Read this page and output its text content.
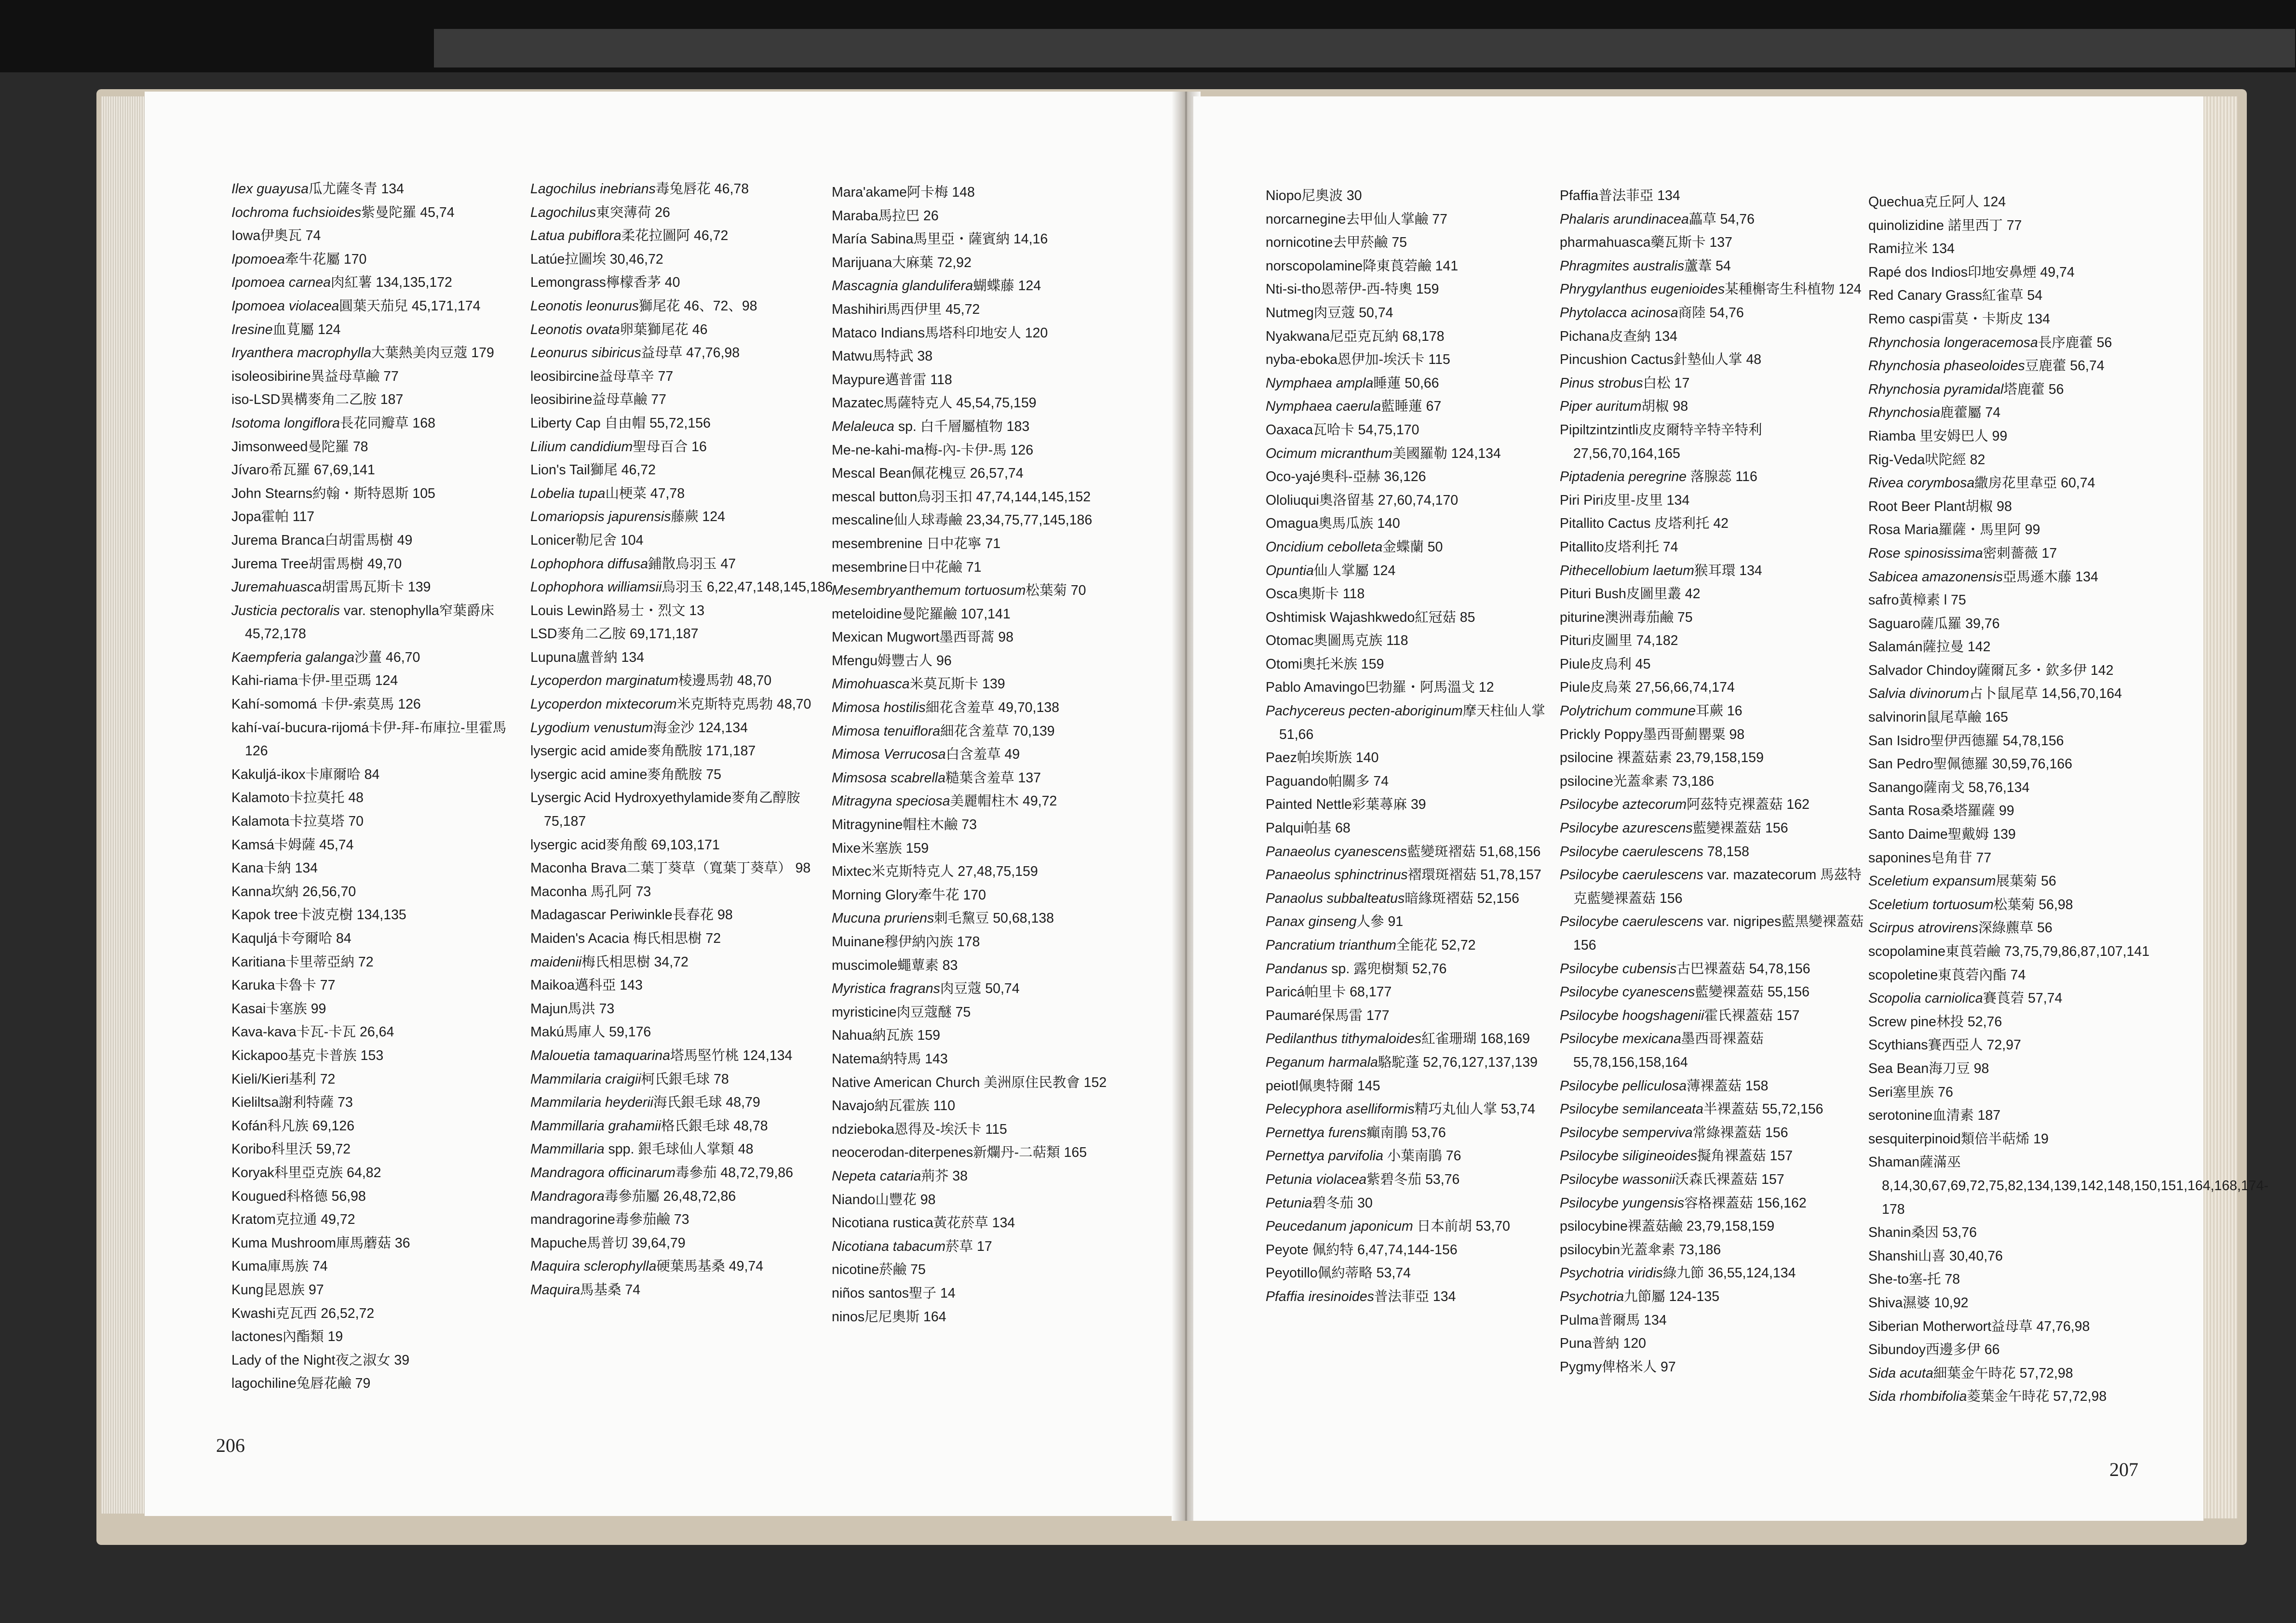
Ilex guayusa瓜尤薩冬青 134
Iochroma fuchsioides紫曼陀羅 45,74
Iowa伊奧瓦 74
Ipomoea牽牛花屬 170
Ipomoea carnea肉紅薯 134,135,172
Ipomoea violacea圓葉天茄兒 45,171,174
Iresine血莧屬 124
Iryanthera macrophylla大葉熱美肉豆蔻 179
isoleosibirine異益母草鹼 77
iso-LSD異構麥角二乙胺 187
Isotoma longiflora長花同瓣草 168
Jimsonweed曼陀羅 78
Jívaro希瓦羅 67,69,141
John Stearns約翰・斯特恩斯 105
Jopa霍帕 117
Jurema Branca白胡雷馬樹 49
Jurema Tree胡雷馬樹 49,70
Juremahuasca胡雷馬瓦斯卡 139
Justicia pectoralis var. stenophylla窄葉爵床 45,72,178
Kaempferia galanga沙薑 46,70
Kahi-riama卡伊-里亞瑪 124
Kahí-somomá 卡伊-索莫馬 126
kahí-vaí-bucura-rijomá卡伊-拜-布庫拉-里霍馬 126
Kakuljá-ikox卡庫爾哈 84
Kalamoto卡拉莫托 48
Kalamota卡拉莫塔 70
Kamsá卡姆薩 45,74
Kana卡納 134
Kanna坎納 26,56,70
Kapok tree卡波克樹 134,135
Kaquljá卡夸爾哈 84
Karitiana卡里蒂亞納 72
Karuka卡魯卡 77
Kasai卡塞族 99
Kava-kava卡瓦-卡瓦 26,64
Kickapoo基克卡普族 153
Kieli/Kieri基利 72
Kieliltsa謝利特薩 73
Kofán科凡族 69,126
Koribo科里沃 59,72
Koryak科里亞克族 64,82
Kougued科格德 56,98
Kratom克拉通 49,72
Kuma Mushroom庫馬蘑菇 36
Kuma庫馬族 74
Kung昆恩族 97
Kwashi克瓦西 26,52,72
lactones內酯類 19
Lady of the Night夜之淑女 39
lagochiline兔唇花鹼 79
Lagochilus inebrians毒兔唇花 46,78
Lagochilus東突薄荷 26
Latua pubiflora柔花拉圖阿 46,72
Latúe拉圖埃 30,46,72
Lemongrass檸檬香茅 40
Leonotis leonurus獅尾花 46、72、98
Leonotis ovata卵葉獅尾花 46
Leonurus sibiricus益母草 47,76,98
leosibircine益母草辛 77
leosibirine益母草鹼 77
Liberty Cap 自由帽 55,72,156
Lilium candidium聖母百合 16
Lion's Tail獅尾 46,72
Lobelia tupa山梗菜 47,78
Lomariopsis japurensis藤蕨 124
Lonicer勒尼舍 104
Lophophora diffusa鋪散烏羽玉 47
Lophophora williamsii烏羽玉 6,22,47,148,145,186
Louis Lewin路易士・烈文 13
LSD麥角二乙胺 69,171,187
Lupuna盧普納 134
Lycoperdon marginatum棱邊馬勃 48,70
Lycoperdon mixtecorum米克斯特克馬勃 48,70
Lygodium venustum海金沙 124,134
lysergic acid amide麥角酰胺 171,187
lysergic acid amine麥角酰胺 75
Lysergic Acid Hydroxyethylamide麥角乙醇胺 75,187
lysergic acid麥角酸 69,103,171
Maconha Brava二葉丁葵草（寬葉丁葵草） 98
Maconha 馬孔阿 73
Madagascar Periwinkle長春花 98
Maiden's Acacia 梅氏相思樹 72
maidenii梅氏相思樹 34,72
Maikoa邁科亞 143
Majun馬洪 73
Makú馬庫人 59,176
Malouetia tamaquarina塔馬堅竹桃 124,134
Mammilaria craigii柯氏銀毛球 78
Mammilaria heyderii海氏銀毛球 48,79
Mammillaria grahamii格氏銀毛球 48,78
Mammillaria spp. 銀毛球仙人掌類 48
Mandragora officinarum毒參茄 48,72,79,86
Mandragora毒參茄屬 26,48,72,86
mandragorine毒參茄鹼 73
Mapuche馬普切 39,64,79
Maquira sclerophylla硬葉馬基桑 49,74
Maquira馬基桑 74
Mara'akame阿卡梅 148
Maraba馬拉巴 26
María Sabina馬里亞・薩賓納 14,16
Marijuana大麻葉 72,92
Mascagnia glandulifera蝴蝶藤 124
Mashihiri馬西伊里 45,72
Mataco Indians馬塔科印地安人 120
Matwu馬特武 38
Maypure邁普雷 118
Mazatec馬薩特克人 45,54,75,159
Melaleuca sp. 白千層屬植物 183
Me-ne-kahi-ma梅-內-卡伊-馬 126
Mescal Bean佩花槐豆 26,57,74
mescal button烏羽玉扣 47,74,144,145,152
mescaline仙人球毒鹼 23,34,75,77,145,186
mesembrenine 日中花寧 71
mesembrine日中花鹼 71
Mesembryanthemum tortuosum松葉菊 70
meteloidine曼陀羅鹼 107,141
Mexican Mugwort墨西哥蒿 98
Mfengu姆豐古人 96
Mimohuasca米莫瓦斯卡 139
Mimosa hostilis細花含羞草 49,70,138
Mimosa tenuiflora細花含羞草 70,139
Mimosa Verrucosa白含羞草 49
Mimsosa scabrella糙葉含羞草 137
Mitragyna speciosa美麗帽柱木 49,72
Mitragynine帽柱木鹼 73
Mixe米塞族 159
Mixtec米克斯特克人 27,48,75,159
Morning Glory牽牛花 170
Mucuna pruriens刺毛黧豆 50,68,138
Muinane穆伊納內族 178
muscimole蠅蕈素 83
Myristica fragrans肉豆蔻 50,74
myristicine肉豆蔻醚 75
Nahua納瓦族 159
Natema納特馬 143
Native American Church 美洲原住民教會 152
Navajo納瓦霍族 110
ndzieboka恩得及-埃沃卡 115
neocerodan-diterpenes新爛丹-二萜類 165
Nepeta cataria荊芥 38
Niando山豐花 98
Nicotiana rustica黃花菸草 134
Nicotiana tabacum菸草 17
nicotine菸鹼 75
niños santos聖子 14
ninos尼尼奧斯 164
206
Niopo尼奧波 30
norcarnegine去甲仙人掌鹼 77
nornicotine去甲菸鹼 75
norscopolamine降東莨菪鹼 141
Nti-si-tho恩蒂伊-西-特奧 159
Nutmeg肉豆蔻 50,74
Nyakwana尼亞克瓦納 68,178
nyba-eboka恩伊加-埃沃卡 115
Nymphaea ampla睡蓮 50,66
Nymphaea caerula藍睡蓮 67
Oaxaca瓦哈卡 54,75,170
Ocimum micranthum美國羅勒 124,134
Oco-yajé奧科-亞赫 36,126
Ololiuqui奧洛留基 27,60,74,170
Omagua奧馬瓜族 140
Oncidium cebolleta金蝶蘭 50
Opuntia仙人掌屬 124
Osca奧斯卡 118
Oshtimisk Wajashkwedo紅冠菇 85
Otomac奧圖馬克族 118
Otomi奧托米族 159
Pablo Amavingo巴勃羅・阿馬溫戈 12
Pachycereus pecten-aboriginum摩天柱仙人掌 51,66
Paez帕埃斯族 140
Paguando帕關多 74
Painted Nettle彩葉蕁麻 39
Palqui帕基 68
Panaeolus cyanescens藍變斑褶菇 51,68,156
Panaeolus sphinctrinus褶環斑褶菇 51,78,157
Panaolus subbalteatus暗緣斑褶菇 52,156
Panax ginseng人參 91
Pancratium trianthum全能花 52,72
Pandanus sp. 露兜樹類 52,76
Paricá帕里卡 68,177
Paumaré保馬雷 177
Pedilanthus tithymaloides紅雀珊瑚 168,169
Peganum harmala駱駝蓬 52,76,127,137,139
peiotl佩奧特爾 145
Pelecyphora aselliformis精巧丸仙人掌 53,74
Pernettya furens癲南鵑 53,76
Pernettya parvifolia 小葉南鵑 76
Petunia violacea紫碧冬茄 53,76
Petunia碧冬茄 30
Peucedanum japonicum 日本前胡 53,70
Peyote 佩約特 6,47,74,144-156
Peyotillo佩約蒂略 53,74
Pfaffia iresinoides普法菲亞 134
Pfaffia普法菲亞 134
Phalaris arundinacea藟草 54,76
pharmahuasca藥瓦斯卡 137
Phragmites australis蘆葦 54
Phrygylanthus eugenioides某種槲寄生科植物 124
Phytolacca acinosa商陸 54,76
Pichana皮查納 134
Pincushion Cactus針墊仙人掌 48
Pinus strobus白松 17
Piper auritum胡椒 98
Pipiltzintzintli皮皮爾特辛特辛特利 27,56,70,164,165
Piptadenia peregrine 落腺蕊 116
Piri Piri皮里-皮里 134
Pitallito Cactus 皮塔利托 42
Pitallito皮塔利托 74
Pithecellobium laetum猴耳環 134
Pituri Bush皮圖里叢 42
piturine澳洲毒茄鹼 75
Pituri皮圖里 74,182
Piule皮烏利 45
Piule皮烏萊 27,56,66,74,174
Polytrichum commune耳蕨 16
Prickly Poppy墨西哥薊罌粟 98
psilocine 裸蓋菇素 23,79,158,159
psilocine光蓋傘素 73,186
Psilocybe aztecorum阿茲特克裸蓋菇 162
Psilocybe azurescens藍變裸蓋菇 156
Psilocybe caerulescens 78,158
Psilocybe caerulescens var. mazatecorum 馬茲特克藍變裸蓋菇 156
Psilocybe caerulescens var. nigripes藍黑變裸蓋菇 156
Psilocybe cubensis古巴裸蓋菇 54,78,156
Psilocybe cyanescens藍變裸蓋菇 55,156
Psilocybe hoogshagenii霍氏裸蓋菇 157
Psilocybe mexicana墨西哥裸蓋菇 55,78,156,158,164
Psilocybe pelliculosa薄裸蓋菇 158
Psilocybe semilanceata半裸蓋菇 55,72,156
Psilocybe semperviva常綠裸蓋菇 156
Psilocybe siligineoides擬角裸蓋菇 157
Psilocybe wassonii沃森氏裸蓋菇 157
Psilocybe yungensis容格裸蓋菇 156,162
psilocybine裸蓋菇鹼 23,79,158,159
psilocybin光蓋傘素 73,186
Psychotria viridis綠九節 36,55,124,134
Psychotria九節屬 124-135
Pulma普爾馬 134
Puna普納 120
Pygmy俾格米人 97
Quechua克丘阿人 124
quinolizidine 諾里西丁 77
Rami拉米 134
Rapé dos Indios印地安鼻煙 49,74
Red Canary Grass紅雀草 54
Remo caspi雷莫・卡斯皮 134
Rhynchosia longeracemosa長序鹿藿 56
Rhynchosia phaseoloides豆鹿藿 56,74
Rhynchosia pyramidal塔鹿藿 56
Rhynchosia鹿藿屬 74
Riamba 里安姆巴人 99
Rig-Veda吠陀經 82
Rivea corymbosa繖房花里韋亞 60,74
Root Beer Plant胡椒 98
Rosa Maria羅薩・馬里阿 99
Rose spinosissima密刺薔薇 17
Sabicea amazonensis亞馬遜木藤 134
safro黃樟素 l 75
Saguaro薩瓜羅 39,76
Salamán薩拉曼 142
Salvador Chindoy薩爾瓦多・欽多伊 142
Salvia divinorum占卜鼠尾草 14,56,70,164
salvinorin鼠尾草鹼 165
San Isidro聖伊西德羅 54,78,156
San Pedro聖佩德羅 30,59,76,166
Sanango薩南戈 58,76,134
Santa Rosa桑塔羅薩 99
Santo Daime聖戴姆 139
saponines皂角苷 77
Sceletium expansum展葉菊 56
Sceletium tortuosum松葉菊 56,98
Scirpus atrovirens深綠藨草 56
scopolamine東莨菪鹼 73,75,79,86,87,107,141
scopoletine東莨菪內酯 74
Scopolia carniolica賽莨菪 57,74
Screw pine林投 52,76
Scythians賽西亞人 72,97
Sea Bean海刀豆 98
Seri塞里族 76
serotonine血清素 187
sesquiterpinoid類倍半萜烯 19
Shaman薩滿巫 8,14,30,67,69,72,75,82,134,139,142,148,150,151,164,168,174-178
Shanin桑因 53,76
Shanshi山喜 30,40,76
She-to塞-托 78
Shiva濕婆 10,92
Siberian Motherwort益母草 47,76,98
Sibundoy西邊多伊 66
Sida acuta細葉金午時花 57,72,98
Sida rhombifolia菱葉金午時花 57,72,98
207
